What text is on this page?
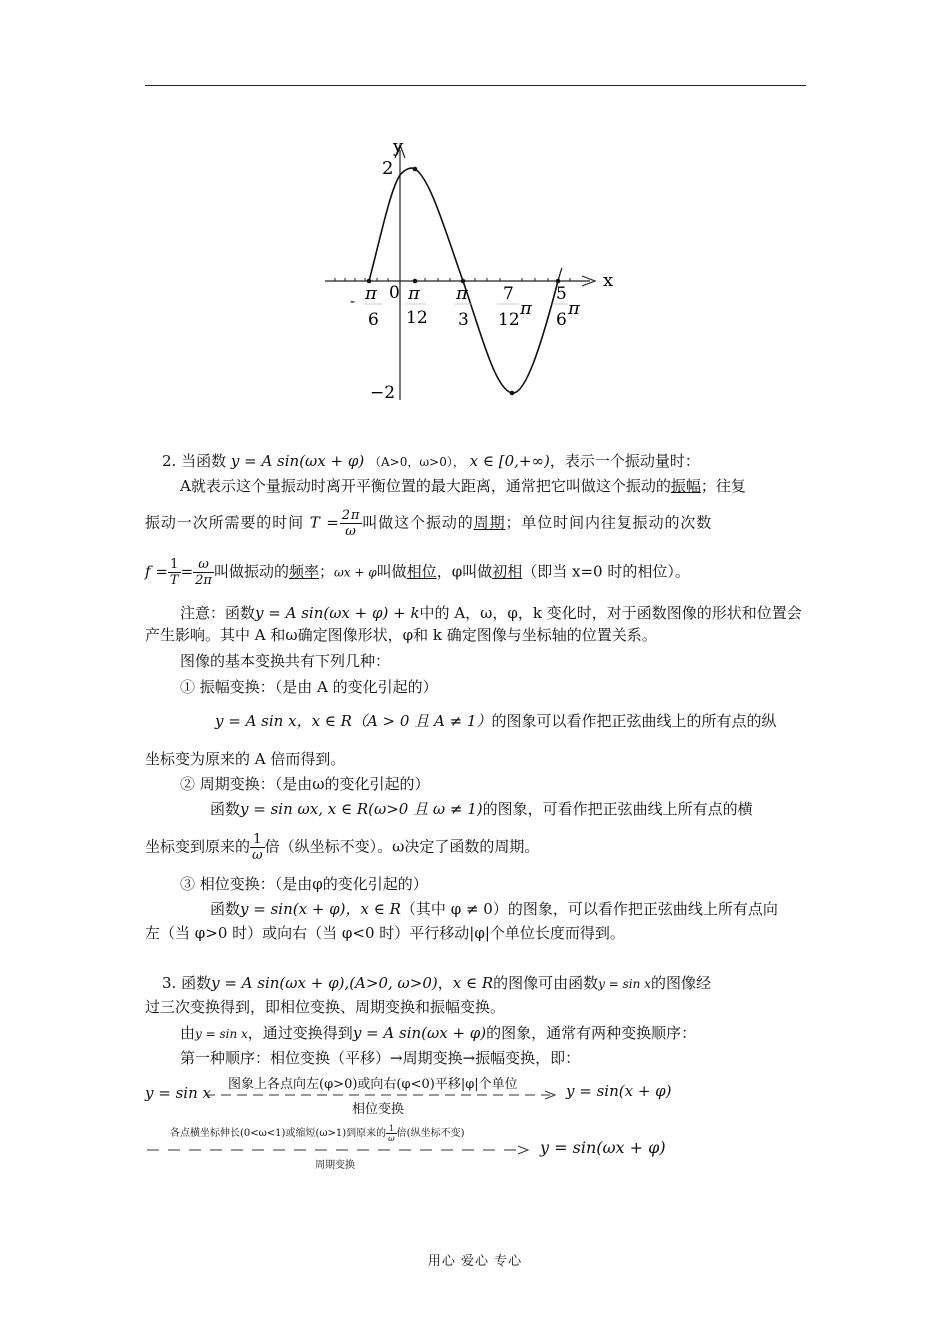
y
x
2
−2
0
- π
6
π
12
π
3
7
12
π
5
6
π
2. 当函数 y = A sin(ωx + φ) （A>0，ω>0）， x ∈ [0,+∞)，表示一个振动量时：
A就表示这个量振动时离开平衡位置的最大距离，通常把它叫做这个振动的振幅；往复
振动一次所需要的时间 $T = \frac{2\pi}{\omega}$ 叫做这个振动的周期；单位时间内往复振动的次数
$f = \frac{1}{T} = \frac{\omega}{2\pi}$ 叫做振动的频率；ωx + φ叫做相位，φ叫做初相（即当 x=0 时的相位）。
注意：函数y = A sin(ωx + φ) + k中的 A，ω，φ，k 变化时，对于函数图像的形状和位置会
产生影响。其中 A 和ω确定图像形状，φ和 k 确定图像与坐标轴的位置关系。
图像的基本变换共有下列几种：
① 振幅变换：（是由 A 的变化引起的）
y = A sin x，x ∈ R（A > 0 且 A ≠ 1）的图象可以看作把正弦曲线上的所有点的纵
坐标变为原来的 A 倍而得到。
② 周期变换：（是由ω的变化引起的）
函数y = sin ωx, x ∈ R(ω>0 且 ω ≠ 1)的图象，可看作把正弦曲线上所有点的横
坐标变到原来的 $\frac{1}{\omega}$ 倍（纵坐标不变）。ω决定了函数的周期。
③ 相位变换：（是由φ的变化引起的）
函数y = sin(x + φ)，x ∈ R（其中 φ ≠ 0）的图象，可以看作把正弦曲线上所有点向
左（当 φ>0 时）或向右（当 φ<0 时）平行移动|φ|个单位长度而得到。
3. 函数y = A sin(ωx + φ),(A>0, ω>0)，x ∈ R的图像可由函数y = sin x的图像经
过三次变换得到，即相位变换、周期变换和振幅变换。
由y = sin x，通过变换得到y = A sin(ωx + φ)的图象，通常有两种变换顺序：
第一种顺序：相位变换（平移）→周期变换→振幅变换，即：
y = sin x	图象上各点向左(φ>0)或向右(φ<0)平移|φ|个单位
相位变换
y = sin(x + φ)
各点横坐标伸长(0<ω<1)或缩短(ω>1)到原来的 $\frac{1}{\omega}$ 倍(纵坐标不变)
周期变换
y = sin(ωx + φ)
用心 爱心 专心
